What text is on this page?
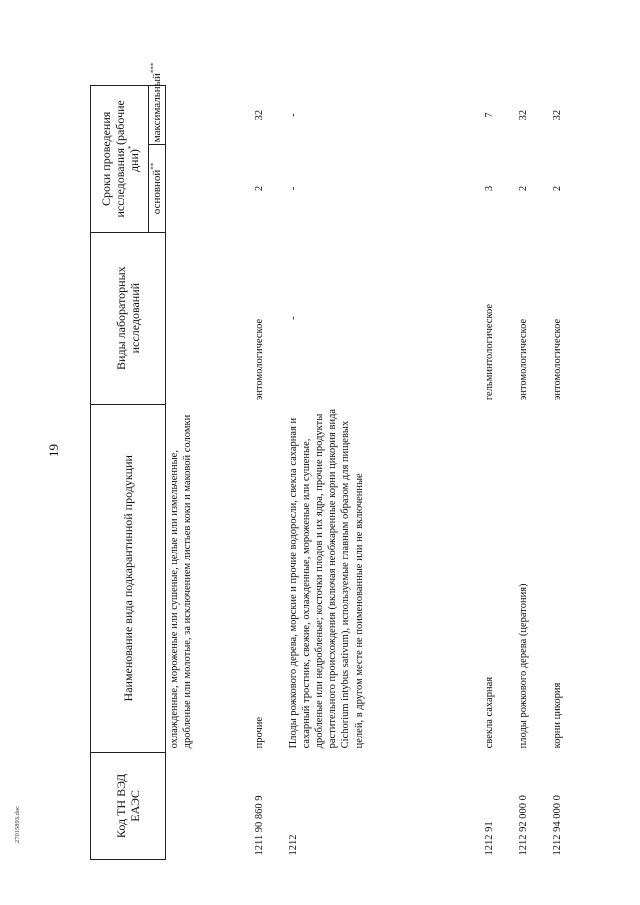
19
27015893.doc	Код ТН ВЭД ЕАЭС	Наименование вида подкарантинной продукции	Виды лабораторных исследований	Сроки проведения исследования (рабочие дни)*
			основной**	максимальный***
	охлажденные, мороженые или сушеные, целые или измельченные, дробленые или молотые, за исключением листьев коки и маковой соломки			
1211 90 860 9	прочие	энтомологическое	2	32
1212	Плоды рожкового дерева, морские и прочие водоросли, свекла сахарная и сахарный тростник, свежие, охлажденные, мороженые или сушеные, дробленые или недробленые; косточки плодов и их ядра, прочие продукты растительного происхождения (включая необжаренные корни цикория вида Cichorium intybus sativum), используемые главным образом для пищевых целей, в другом месте не поименованные или не включенные	-	-	-
1212 91	свекла сахарная	гельминтологическое	3	7
1212 92 000 0	плоды рожкового дерева (цератония)	энтомологическое	2	32
1212 94 000 0	корни цикория	энтомологическое	2	32
